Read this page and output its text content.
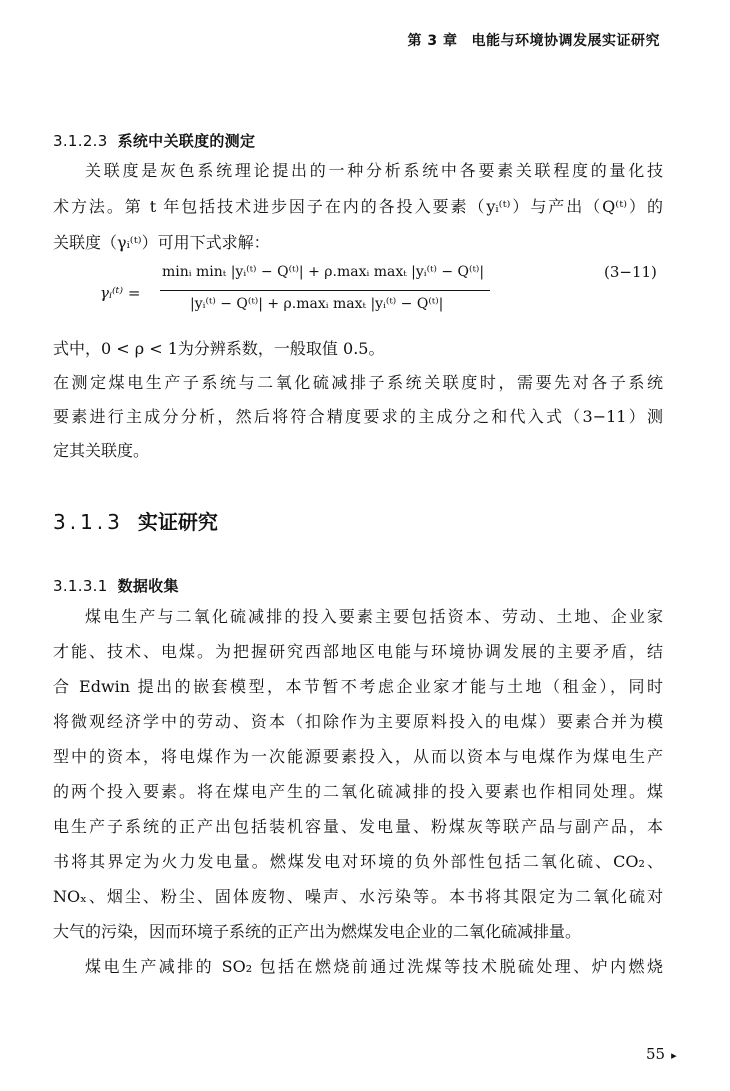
第 3 章 电能与环境协调发展实证研究
3.1.2.3 系统中关联度的测定
关联度是灰色系统理论提出的一种分析系统中各要素关联程度的量化技
术方法。第 t 年包括技术进步因子在内的各投入要素（yᵢ⁽ᵗ⁾）与产出（Q⁽ᵗ⁾）的
关联度（γᵢ⁽ᵗ⁾）可用下式求解：
γᵢ⁽ᵗ⁾ =
minᵢ minₜ |yᵢ⁽ᵗ⁾ − Q⁽ᵗ⁾| + ρ.maxᵢ maxₜ |yᵢ⁽ᵗ⁾ − Q⁽ᵗ⁾|
|yᵢ⁽ᵗ⁾ − Q⁽ᵗ⁾| + ρ.maxᵢ maxₜ |yᵢ⁽ᵗ⁾ − Q⁽ᵗ⁾|
(3−11)
式中，0 < ρ < 1为分辨系数，一般取值 0.5。
在测定煤电生产子系统与二氧化硫减排子系统关联度时，需要先对各子系统
要素进行主成分分析，然后将符合精度要求的主成分之和代入式（3−11）测
定其关联度。
3.1.3 实证研究
3.1.3.1 数据收集
煤电生产与二氧化硫减排的投入要素主要包括资本、劳动、土地、企业家
才能、技术、电煤。为把握研究西部地区电能与环境协调发展的主要矛盾，结
合 Edwin 提出的嵌套模型，本节暂不考虑企业家才能与土地（租金），同时
将微观经济学中的劳动、资本（扣除作为主要原料投入的电煤）要素合并为模
型中的资本，将电煤作为一次能源要素投入，从而以资本与电煤作为煤电生产
的两个投入要素。将在煤电产生的二氧化硫减排的投入要素也作相同处理。煤
电生产子系统的正产出包括装机容量、发电量、粉煤灰等联产品与副产品，本
书将其界定为火力发电量。燃煤发电对环境的负外部性包括二氧化硫、CO₂、
NOₓ、烟尘、粉尘、固体废物、噪声、水污染等。本书将其限定为二氧化硫对
大气的污染，因而环境子系统的正产出为燃煤发电企业的二氧化硫减排量。
煤电生产减排的 SO₂ 包括在燃烧前通过洗煤等技术脱硫处理、炉内燃烧
55 ▸
